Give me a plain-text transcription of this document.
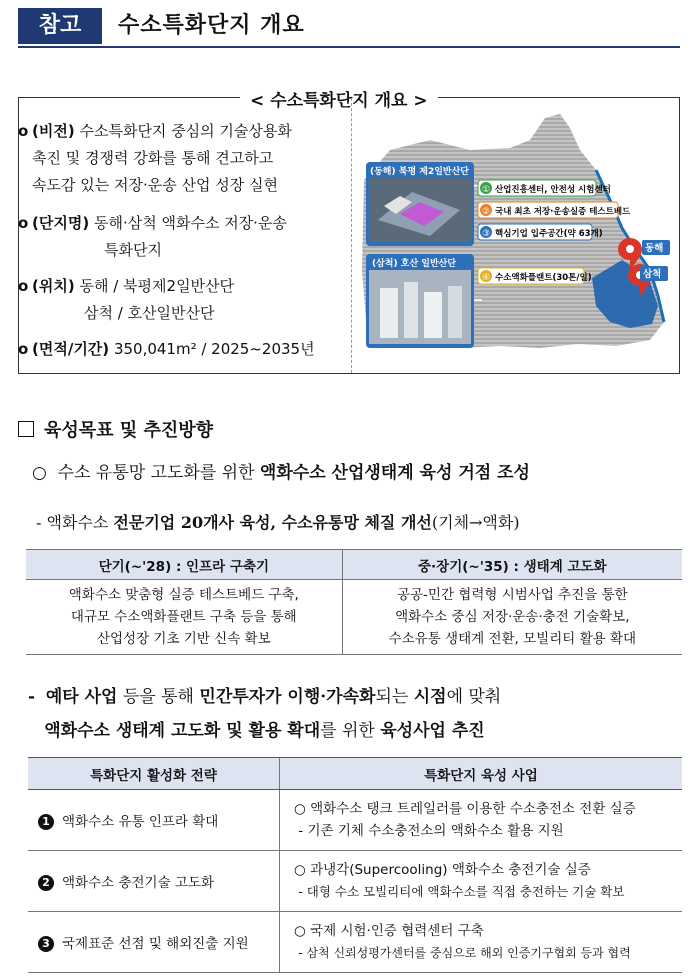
참고	수소특화단지 개요
< 수소특화단지 개요 >
o (비전) 수소특화단지 중심의 기술상용화
촉진 및 경쟁력 강화를 통해 견고하고
속도감 있는 저장·운송 산업 성장 실현
o (단지명) 동해·삼척 액화수소 저장·운송
특화단지
o (위치) 동해 / 북평제2일반산단
삼척 / 호산일반산단
o (면적/기간) 350,041m² / 2025~2035년
(동해) 북평 제2일반산단
(삼척) 호산 일반산단
① 산업진흥센터, 안전성 시험센터
② 국내 최초 저장·운송실증 테스트베드
③ 핵심기업 입주공간(약 63개)
④ 수소액화플랜트(30톤/일)
동해
삼척
육성목표 및 추진방향
○ 수소 유통망 고도화를 위한 액화수소 산업생태계 육성 거점 조성
- 액화수소 전문기업 20개사 육성, 수소유통망 체질 개선(기체→액화)
단기(~'28) : 인프라 구축기	중·장기(~'35) : 생태계 고도화
액화수소 맞춤형 실증 테스트베드 구축,
대규모 수소액화플랜트 구축 등을 통해
산업성장 기초 기반 신속 확보	공공-민간 협력형 시범사업 추진을 통한
액화수소 중심 저장·운송·충전 기술확보,
수소유통 생태계 전환, 모빌리티 활용 확대
- 예타 사업 등을 통해 민간투자가 이행·가속화되는 시점에 맞춰
액화수소 생태계 고도화 및 활용 확대를 위한 육성사업 추진
특화단지 활성화 전략	특화단지 육성 사업
1 액화수소 유통 인프라 확대	○ 액화수소 탱크 트레일러를 이용한 수소충전소 전환 실증
- 기존 기체 수소충전소의 액화수소 활용 지원
2 액화수소 충전기술 고도화	○ 과냉각(Supercooling) 액화수소 충전기술 실증
- 대형 수소 모빌리티에 액화수소를 직접 충전하는 기술 확보
3 국제표준 선점 및 해외진출 지원	○ 국제 시험·인증 협력센터 구축
- 삼척 신뢰성평가센터를 중심으로 해외 인증기구협회 등과 협력
